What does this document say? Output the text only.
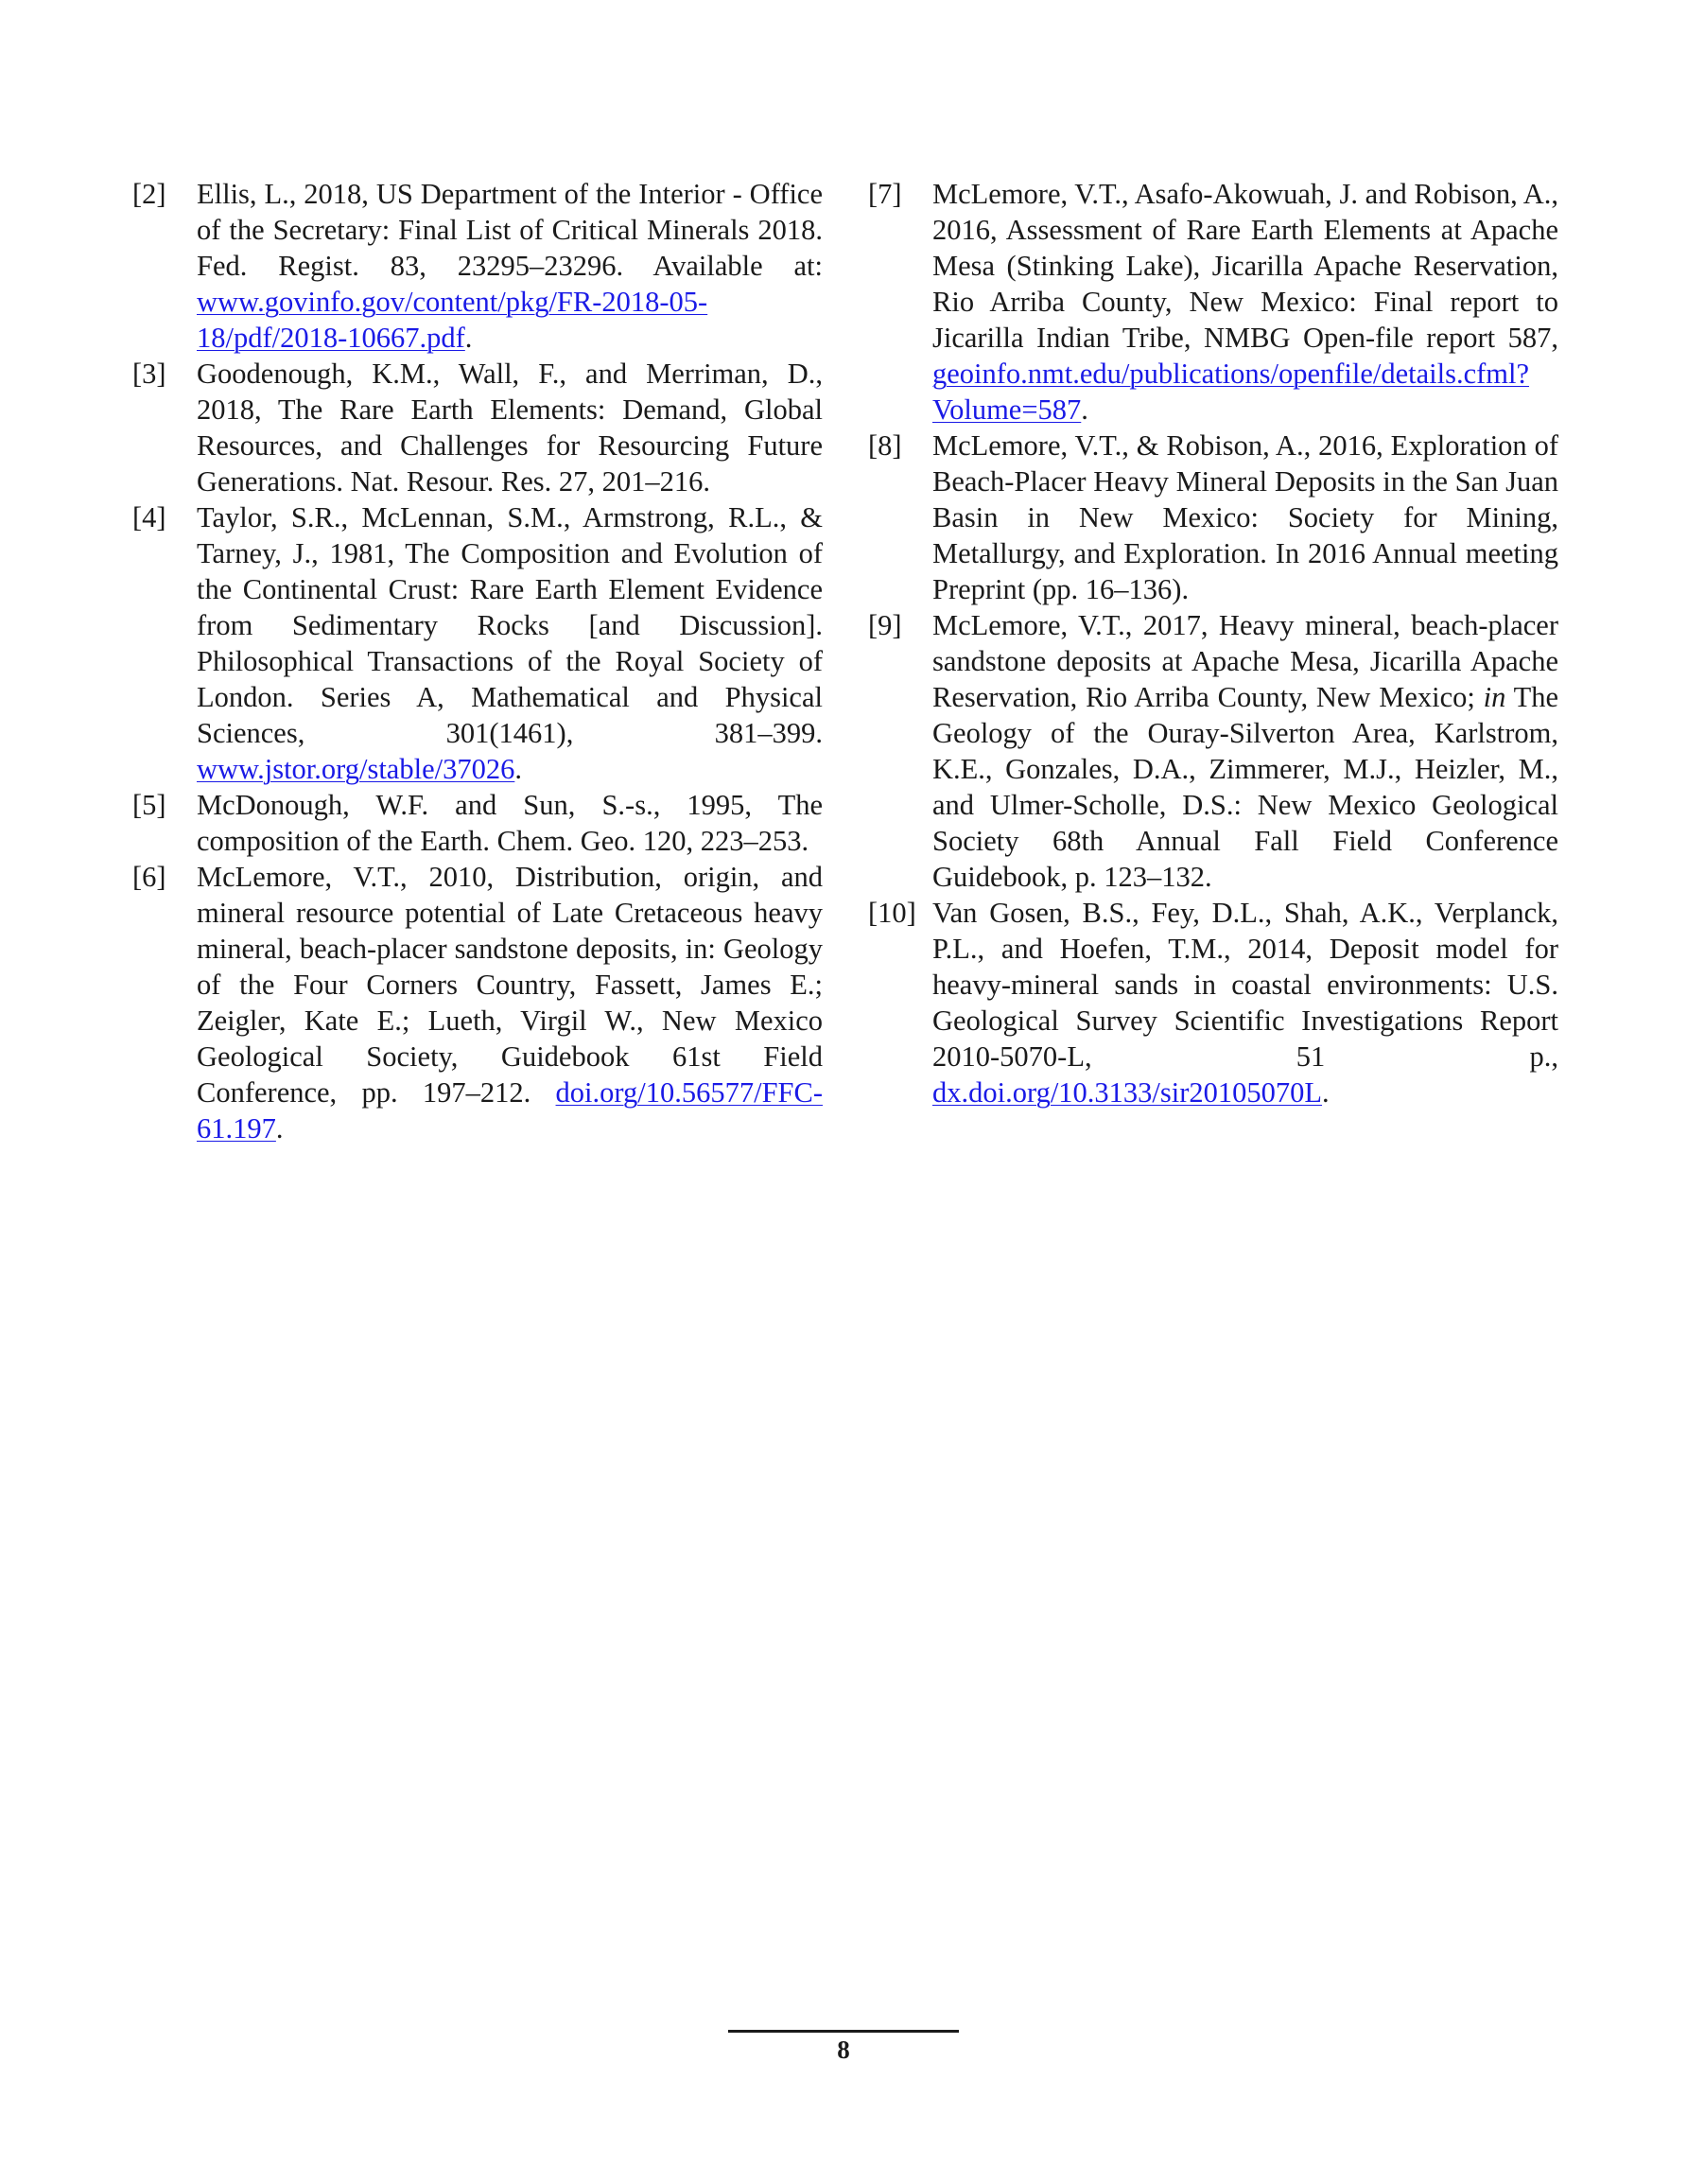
[2]	Ellis, L., 2018, US Department of the Interior - Office of the Secretary: Final List of Critical Minerals 2018. Fed. Regist. 83, 23295–23296. Available at: www.govinfo.gov/content/pkg/FR-2018-05-18/pdf/2018-10667.pdf.
[3]	Goodenough, K.M., Wall, F., and Merriman, D., 2018, The Rare Earth Elements: Demand, Global Resources, and Challenges for Resourcing Future Generations. Nat. Resour. Res. 27, 201–216.
[4]	Taylor, S.R., McLennan, S.M., Armstrong, R.L., & Tarney, J., 1981, The Composition and Evolution of the Continental Crust: Rare Earth Element Evidence from Sedimentary Rocks [and Discussion]. Philosophical Transactions of the Royal Society of London. Series A, Mathematical and Physical Sciences, 301(1461), 381–399. www.jstor.org/stable/37026.
[5]	McDonough, W.F. and Sun, S.-s., 1995, The composition of the Earth. Chem. Geo. 120, 223–253.
[6]	McLemore, V.T., 2010, Distribution, origin, and mineral resource potential of Late Cretaceous heavy mineral, beach-placer sandstone deposits, in: Geology of the Four Corners Country, Fassett, James E.; Zeigler, Kate E.; Lueth, Virgil W., New Mexico Geological Society, Guidebook 61st Field Conference, pp. 197–212. doi.org/10.56577/FFC-61.197.
[7]	McLemore, V.T., Asafo-Akowuah, J. and Robison, A., 2016, Assessment of Rare Earth Elements at Apache Mesa (Stinking Lake), Jicarilla Apache Reservation, Rio Arriba County, New Mexico: Final report to Jicarilla Indian Tribe, NMBG Open-file report 587, geoinfo.nmt.edu/publications/openfile/details.cfml?Volume=587.
[8]	McLemore, V.T., & Robison, A., 2016, Exploration of Beach-Placer Heavy Mineral Deposits in the San Juan Basin in New Mexico: Society for Mining, Metallurgy, and Exploration. In 2016 Annual meeting Preprint (pp. 16–136).
[9]	McLemore, V.T., 2017, Heavy mineral, beach-placer sandstone deposits at Apache Mesa, Jicarilla Apache Reservation, Rio Arriba County, New Mexico; in The Geology of the Ouray-Silverton Area, Karlstrom, K.E., Gonzales, D.A., Zimmerer, M.J., Heizler, M., and Ulmer-Scholle, D.S.: New Mexico Geological Society 68th Annual Fall Field Conference Guidebook, p. 123–132.
[10] Van Gosen, B.S., Fey, D.L., Shah, A.K., Verplanck, P.L., and Hoefen, T.M., 2014, Deposit model for heavy-mineral sands in coastal environments: U.S. Geological Survey Scientific Investigations Report 2010-5070-L, 51 p., dx.doi.org/10.3133/sir20105070L.
8
